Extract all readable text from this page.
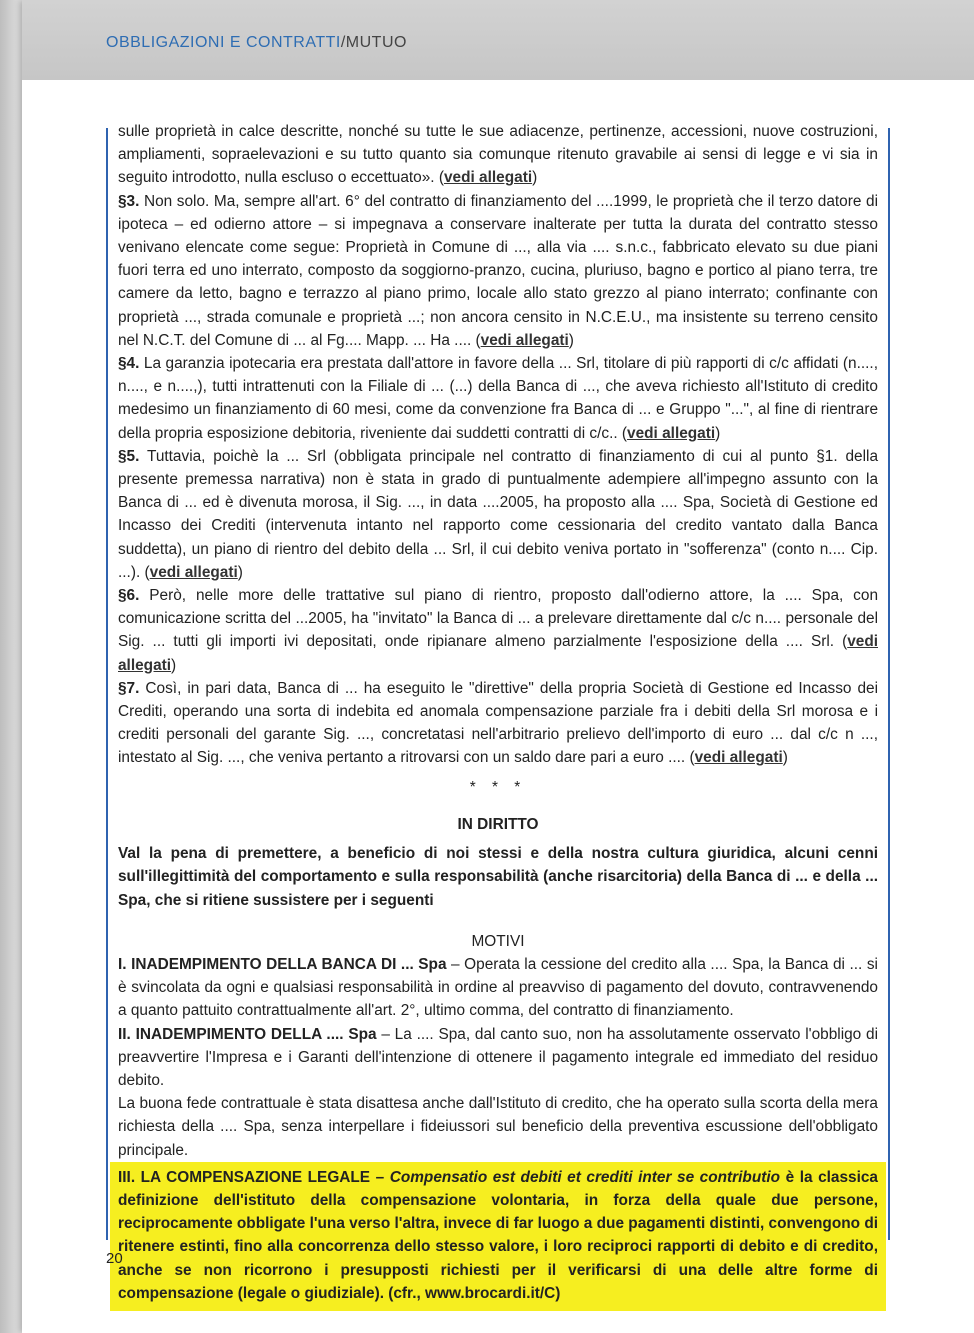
OBBLIGAZIONI E CONTRATTI/MUTUO

sulle proprietà in calce descritte, nonché su tutte le sue adiacenze, pertinenze, accessioni, nuove costruzioni, ampliamenti, sopraelevazioni e su tutto quanto sia comunque ritenuto gravabile ai sensi di legge e vi sia in seguito introdotto, nulla escluso o eccettuato». (vedi allegati)

§3. Non solo. Ma, sempre all'art. 6° del contratto di finanziamento del ....1999, le proprietà che il terzo datore di ipoteca – ed odierno attore – si impegnava a conservare inalterate per tutta la durata del contratto stesso venivano elencate come segue: Proprietà in Comune di ..., alla via .... s.n.c., fabbricato elevato su due piani fuori terra ed uno interrato, composto da soggiorno-pranzo, cucina, pluriuso, bagno e portico al piano terra, tre camere da letto, bagno e terrazzo al piano primo, locale allo stato grezzo al piano interrato; confinante con proprietà ..., strada comunale e proprietà ...; non ancora censito in N.C.E.U., ma insistente su terreno censito nel N.C.T. del Comune di ... al Fg.... Mapp. ... Ha .... (vedi allegati)

§4. La garanzia ipotecaria era prestata dall'attore in favore della ... Srl, titolare di più rapporti di c/c affidati (n...., n...., e n....,), tutti intrattenuti con la Filiale di ... (...) della Banca di ..., che aveva richiesto all'Istituto di credito medesimo un finanziamento di 60 mesi, come da convenzione fra Banca di ... e Gruppo "...", al fine di rientrare della propria esposizione debitoria, riveniente dai suddetti contratti di c/c.. (vedi allegati)

§5. Tuttavia, poichè la ... Srl (obbligata principale nel contratto di finanziamento di cui al punto §1. della presente premessa narrativa) non è stata in grado di puntualmente adempiere all'impegno assunto con la Banca di ... ed è divenuta morosa, il Sig. ..., in data ....2005, ha proposto alla .... Spa, Società di Gestione ed Incasso dei Crediti (intervenuta intanto nel rapporto come cessionaria del credito vantato dalla Banca suddetta), un piano di rientro del debito della ... Srl, il cui debito veniva portato in "sofferenza" (conto n.... Cip. ...). (vedi allegati)

§6. Però, nelle more delle trattative sul piano di rientro, proposto dall'odierno attore, la .... Spa, con comunicazione scritta del ...2005, ha "invitato" la Banca di ... a prelevare direttamente dal c/c n.... personale del Sig. ... tutti gli importi ivi depositati, onde ripianare almeno parzialmente l'esposizione della .... Srl. (vedi allegati)

§7. Così, in pari data, Banca di ... ha eseguito le "direttive" della propria Società di Gestione ed Incasso dei Crediti, operando una sorta di indebita ed anomala compensazione parziale fra i debiti della Srl morosa e i crediti personali del garante Sig. ..., concretatasi nell'arbitrario prelievo dell'importo di euro ... dal c/c n ..., intestato al Sig. ..., che veniva pertanto a ritrovarsi con un saldo dare pari a euro .... (vedi allegati)

* * *

IN DIRITTO

Val la pena di premettere, a beneficio di noi stessi e della nostra cultura giuridica, alcuni cenni sull'illegittimità del comportamento e sulla responsabilità (anche risarcitoria) della Banca di ... e della ... Spa, che si ritiene sussistere per i seguenti

MOTIVI

I. INADEMPIMENTO DELLA BANCA DI ... Spa – Operata la cessione del credito alla .... Spa, la Banca di ... si è svincolata da ogni e qualsiasi responsabilità in ordine al preavviso di pagamento del dovuto, contravvenendo a quanto pattuito contrattualmente all'art. 2°, ultimo comma, del contratto di finanziamento.

II. INADEMPIMENTO DELLA .... Spa – La .... Spa, dal canto suo, non ha assolutamente osservato l'obbligo di preavvertire l'Impresa e i Garanti dell'intenzione di ottenere il pagamento integrale ed immediato del residuo debito.

La buona fede contrattuale è stata disattesa anche dall'Istituto di credito, che ha operato sulla scorta della mera richiesta della .... Spa, senza interpellare i fideiussori sul beneficio della preventiva escussione dell'obbligato principale.

III. LA COMPENSAZIONE LEGALE – Compensatio est debiti et crediti inter se contributio è la classica definizione dell'istituto della compensazione volontaria, in forza della quale due persone, reciprocamente obbligate l'una verso l'altra, invece di far luogo a due pagamenti distinti, convengono di ritenere estinti, fino alla concorrenza dello stesso valore, i loro reciproci rapporti di debito e di credito, anche se non ricorrono i presupposti richiesti per il verificarsi di una delle altre forme di compensazione (legale o giudiziale). (cfr., www.brocardi.it/C)

20
